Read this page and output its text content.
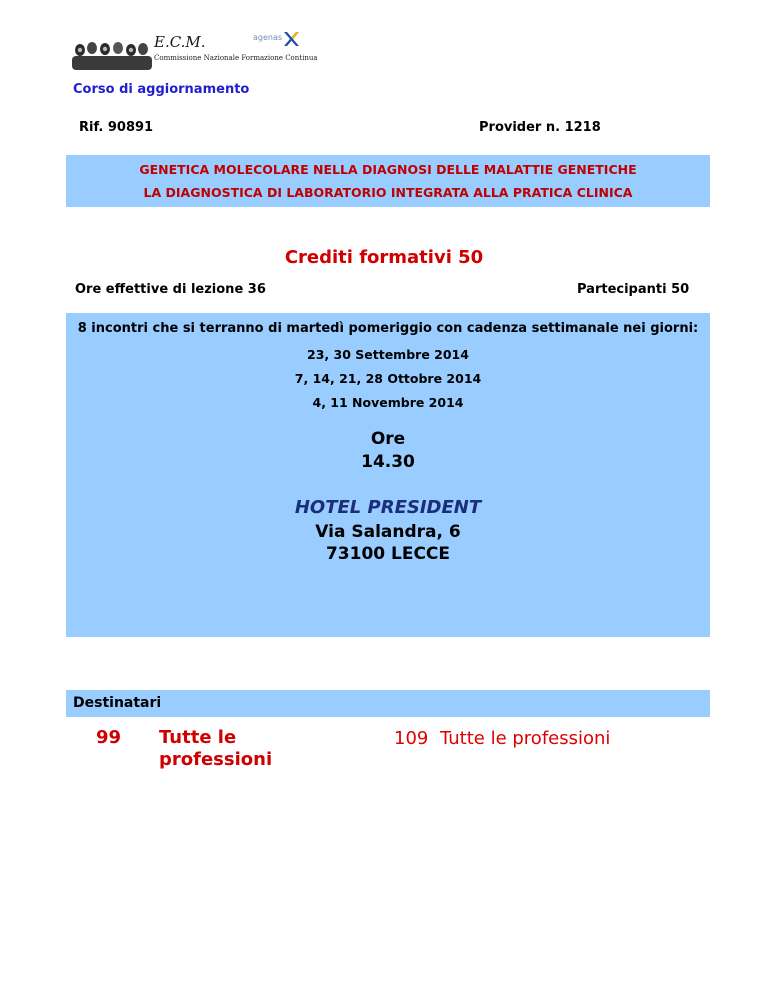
E.C.M.
Commissione Nazionale Formazione Continua
agenas
Corso di aggiornamento
Rif. 90891	Provider n. 1218
GENETICA MOLECOLARE NELLA DIAGNOSI DELLE MALATTIE GENETICHE
LA DIAGNOSTICA DI LABORATORIO INTEGRATA ALLA PRATICA CLINICA
Crediti formativi 50
Ore effettive di lezione 36	Partecipanti 50
8 incontri che si terranno di martedì pomeriggio con cadenza settimanale nei giorni:
23, 30 Settembre 2014
7, 14, 21, 28 Ottobre 2014
4, 11 Novembre 2014
Ore
14.30
HOTEL PRESIDENT
Via Salandra, 6
73100 LECCE
Destinatari
99 Tutte le professioni
109 Tutte le professioni
